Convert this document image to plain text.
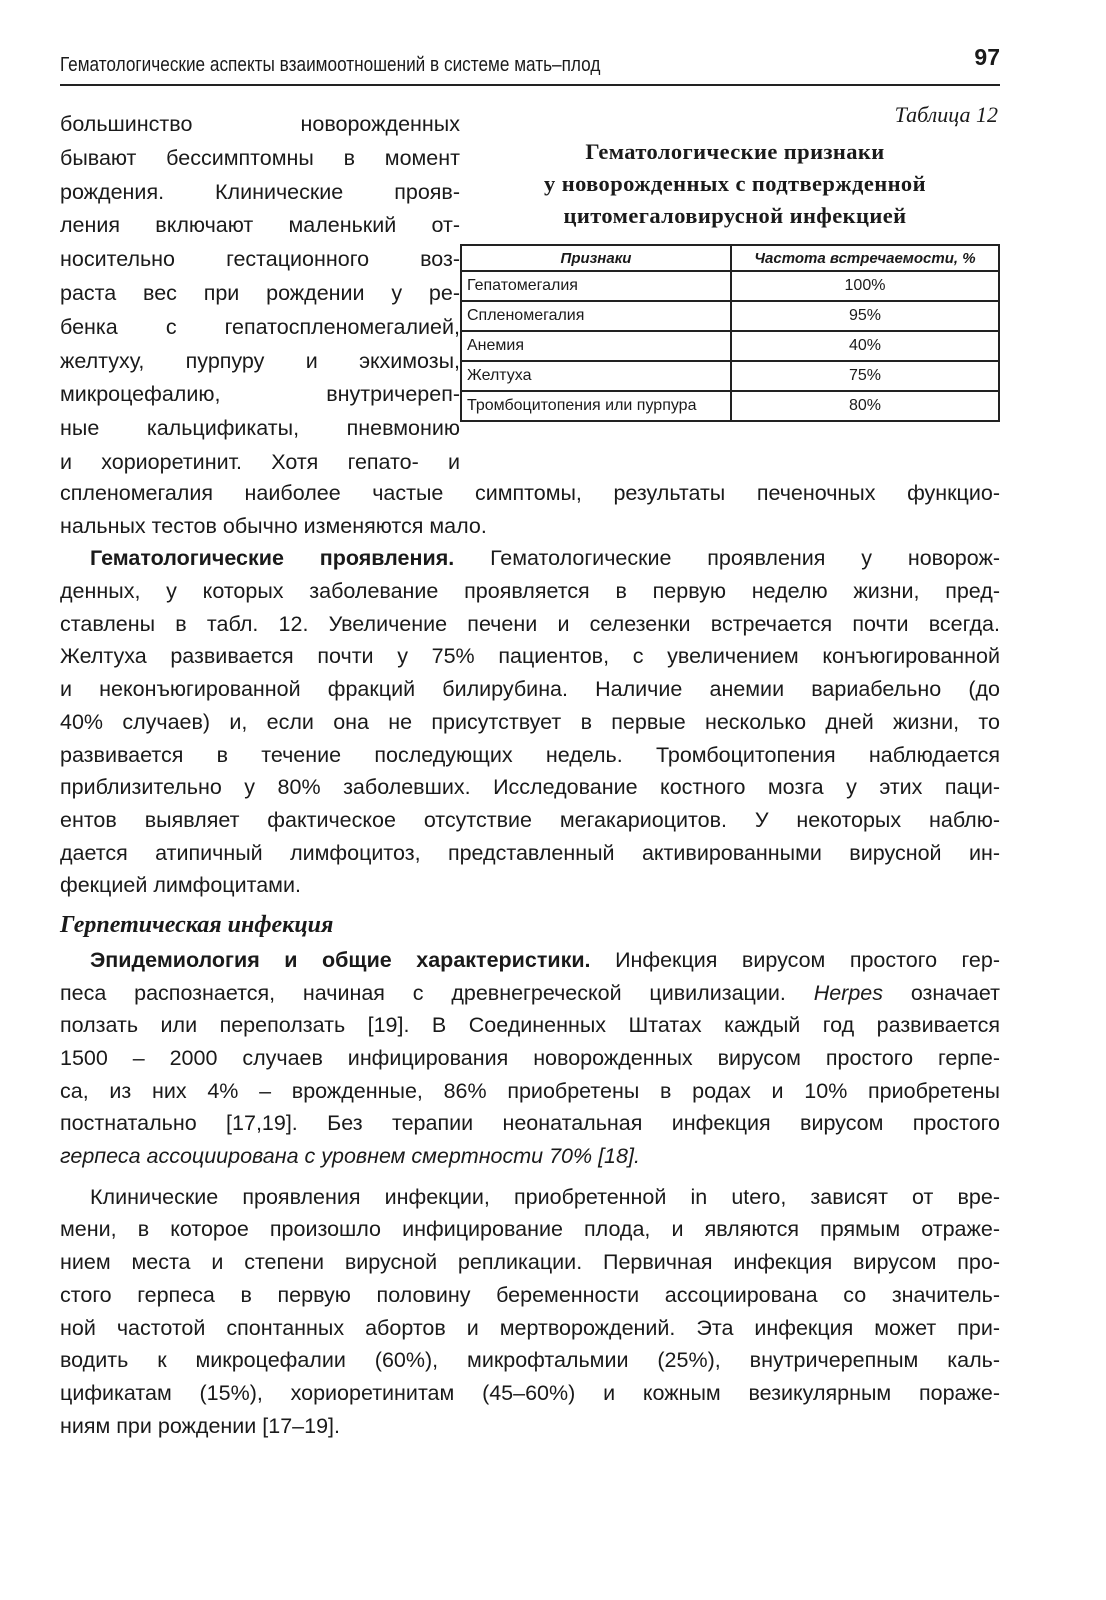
Гематологические аспекты взаимоотношений в системе мать–плод	97
большинство новорожденных
бывают бессимптомны в момент
рождения. Клинические прояв-
ления включают маленький от-
носительно гестационного воз-
раста вес при рождении у ре-
бенка с гепатоспленомегалией,
желтуху, пурпуру и экхимозы,
микроцефалию, внутричереп-
ные кальцификаты, пневмонию
и хориоретинит. Хотя гепато- и
Таблица 12
Гематологические признаки
у новорожденных с подтвержденной
цитомегаловирусной инфекцией
Признаки	Частота встречаемости, %
Гепатомегалия	100%
Спленомегалия	95%
Анемия	40%
Желтуха	75%
Тромбоцитопения или пурпура	80%
спленомегалия наиболее частые симптомы, результаты печеночных функцио-
нальных тестов обычно изменяются мало.
Гематологические проявления. Гематологические проявления у новорож-
денных, у которых заболевание проявляется в первую неделю жизни, пред-
ставлены в табл. 12. Увеличение печени и селезенки встречается почти всегда.
Желтуха развивается почти у 75% пациентов, с увеличением конъюгированной
и неконъюгированной фракций билирубина. Наличие анемии вариабельно (до
40% случаев) и, если она не присутствует в первые несколько дней жизни, то
развивается в течение последующих недель. Тромбоцитопения наблюдается
приблизительно у 80% заболевших. Исследование костного мозга у этих паци-
ентов выявляет фактическое отсутствие мегакариоцитов. У некоторых наблю-
дается атипичный лимфоцитоз, представленный активированными вирусной ин-
фекцией лимфоцитами.
Герпетическая инфекция
Эпидемиология и общие характеристики. Инфекция вирусом простого гер-
песа распознается, начиная с древнегреческой цивилизации. Herpes означает
ползать или переползать [19]. В Соединенных Штатах каждый год развивается
1500 – 2000 случаев инфицирования новорожденных вирусом простого герпе-
са, из них 4% – врожденные, 86% приобретены в родах и 10% приобретены
постнатально [17,19]. Без терапии неонатальная инфекция вирусом простого
герпеса ассоциирована с уровнем смертности 70% [18].
Клинические проявления инфекции, приобретенной in utero, зависят от вре-
мени, в которое произошло инфицирование плода, и являются прямым отраже-
нием места и степени вирусной репликации. Первичная инфекция вирусом про-
стого герпеса в первую половину беременности ассоциирована со значитель-
ной частотой спонтанных абортов и мертворождений. Эта инфекция может при-
водить к микроцефалии (60%), микрофтальмии (25%), внутричерепным каль-
цификатам (15%), хориоретинитам (45–60%) и кожным везикулярным пораже-
ниям при рождении [17–19].
